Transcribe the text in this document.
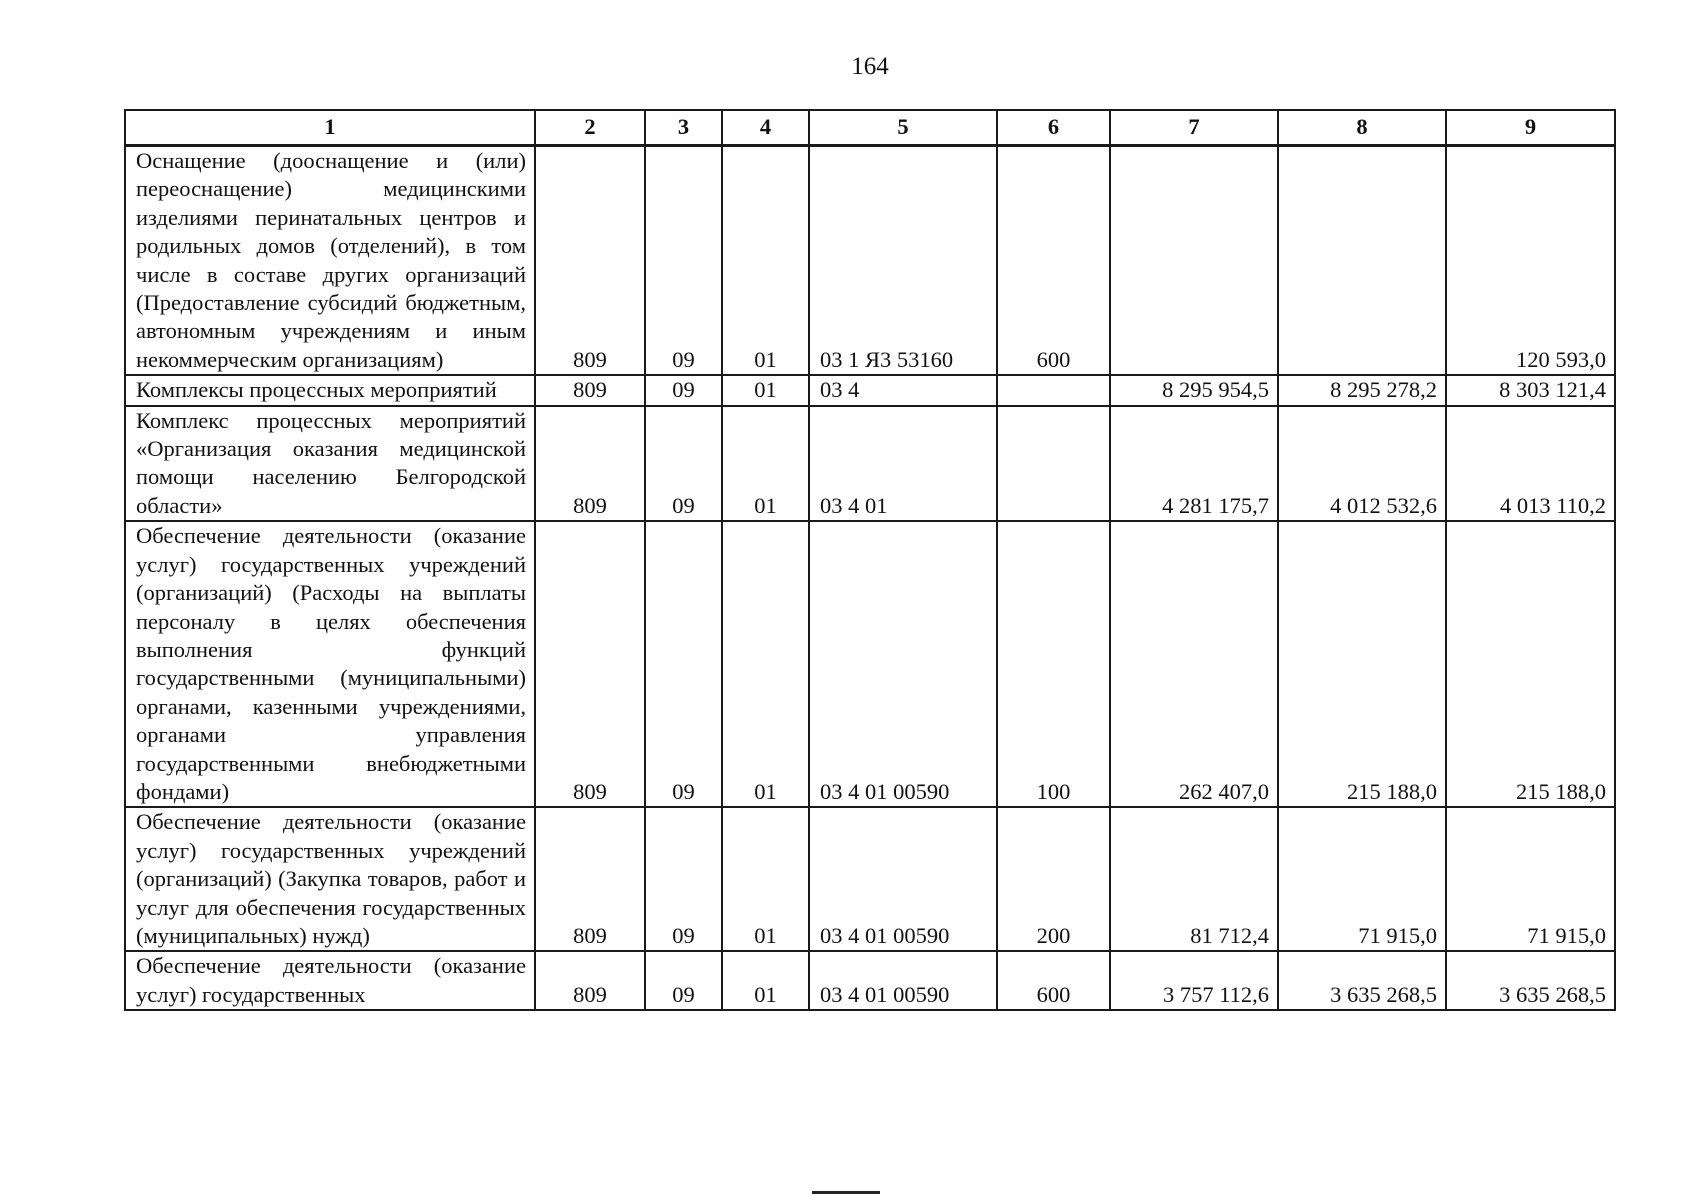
164
1	2	3	4	5	6	7	8	9
Оснащение (дооснащение и (или) переоснащение) медицинскими изделиями перинатальных центров и родильных домов (отделений), в том числе в составе других организаций (Предоставление субсидий бюджетным, автономным учреждениям и иным некоммерческим организациям)	809	09	01	03 1 Я3 53160	600			120 593,0
Комплексы процессных мероприятий	809	09	01	03 4		8 295 954,5	8 295 278,2	8 303 121,4
Комплекс процессных мероприятий «Организация оказания медицинской помощи населению Белгородской области»	809	09	01	03 4 01		4 281 175,7	4 012 532,6	4 013 110,2
Обеспечение деятельности (оказание услуг) государственных учреждений (организаций) (Расходы на выплаты персоналу в целях обеспечения выполнения функций государственными (муниципальными) органами, казенными учреждениями, органами управления государственными внебюджетными фондами)	809	09	01	03 4 01 00590	100	262 407,0	215 188,0	215 188,0
Обеспечение деятельности (оказание услуг) государственных учреждений (организаций) (Закупка товаров, работ и услуг для обеспечения государственных (муниципальных) нужд)	809	09	01	03 4 01 00590	200	81 712,4	71 915,0	71 915,0
Обеспечение деятельности (оказание услуг) государственных	809	09	01	03 4 01 00590	600	3 757 112,6	3 635 268,5	3 635 268,5
